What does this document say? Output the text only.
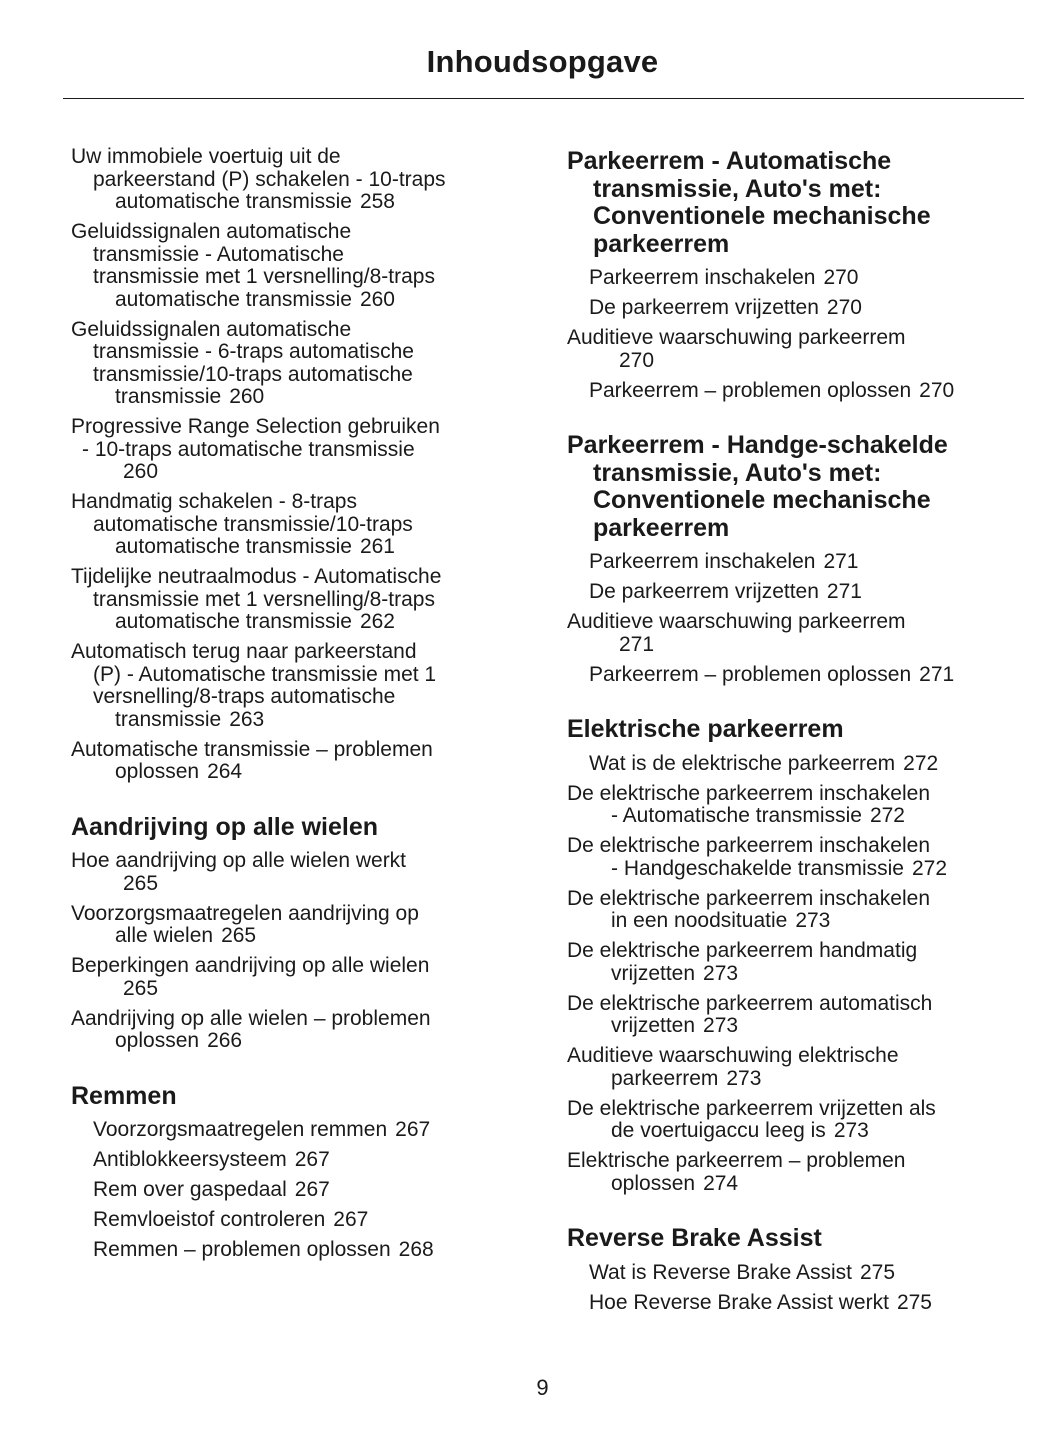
Inhoudsopgave
Uw immobiele voertuig uit de
parkeerstand (P) schakelen - 10-traps
automatische transmissie 258
Geluidssignalen automatische
transmissie - Automatische
transmissie met 1 versnelling/8-traps
automatische transmissie 260
Geluidssignalen automatische
transmissie - 6-traps automatische
transmissie/10-traps automatische
transmissie 260
Progressive Range Selection gebruiken
- 10-traps automatische transmissie
260
Handmatig schakelen - 8-traps
automatische transmissie/10-traps
automatische transmissie 261
Tijdelijke neutraalmodus - Automatische
transmissie met 1 versnelling/8-traps
automatische transmissie 262
Automatisch terug naar parkeerstand
(P) - Automatische transmissie met 1
versnelling/8-traps automatische
transmissie 263
Automatische transmissie – problemen
oplossen 264
Aandrijving op alle wielen
Hoe aandrijving op alle wielen werkt
265
Voorzorgsmaatregelen aandrijving op
alle wielen 265
Beperkingen aandrijving op alle wielen
265
Aandrijving op alle wielen – problemen
oplossen 266
Remmen
Voorzorgsmaatregelen remmen 267
Antiblokkeersysteem 267
Rem over gaspedaal 267
Remvloeistof controleren 267
Remmen – problemen oplossen 268
Parkeerrem - Automatische transmissie, Auto's met: Conventionele mechanische parkeerrem
Parkeerrem inschakelen 270
De parkeerrem vrijzetten 270
Auditieve waarschuwing parkeerrem
270
Parkeerrem – problemen oplossen 270
Parkeerrem - Handge-schakelde transmissie, Auto's met: Conventionele mechanische parkeerrem
Parkeerrem inschakelen 271
De parkeerrem vrijzetten 271
Auditieve waarschuwing parkeerrem
271
Parkeerrem – problemen oplossen 271
Elektrische parkeerrem
Wat is de elektrische parkeerrem 272
De elektrische parkeerrem inschakelen
- Automatische transmissie 272
De elektrische parkeerrem inschakelen
- Handgeschakelde transmissie 272
De elektrische parkeerrem inschakelen
in een noodsituatie 273
De elektrische parkeerrem handmatig
vrijzetten 273
De elektrische parkeerrem automatisch
vrijzetten 273
Auditieve waarschuwing elektrische
parkeerrem 273
De elektrische parkeerrem vrijzetten als
de voertuigaccu leeg is 273
Elektrische parkeerrem – problemen
oplossen 274
Reverse Brake Assist
Wat is Reverse Brake Assist 275
Hoe Reverse Brake Assist werkt 275
9
